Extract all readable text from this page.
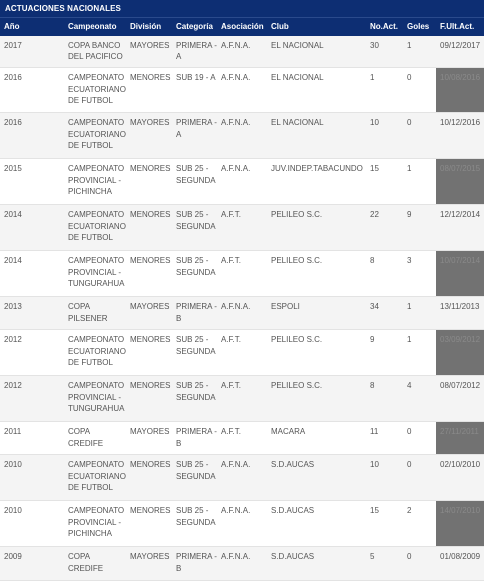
ACTUACIONES NACIONALES
Año	Campeonato	División	Categoría	Asociación	Club	No.Act.	Goles	F.Ult.Act.
2017	COPA BANCO DEL PACIFICO	MAYORES	PRIMERA - A	A.F.N.A.	EL NACIONAL	30	1	09/12/2017
2016	CAMPEONATO ECUATORIANO DE FUTBOL	MENORES	SUB 19 - A	A.F.N.A.	EL NACIONAL	1	0	10/08/2016
2016	CAMPEONATO ECUATORIANO DE FUTBOL	MAYORES	PRIMERA - A	A.F.N.A.	EL NACIONAL	10	0	10/12/2016
2015	CAMPEONATO PROVINCIAL - PICHINCHA	MENORES	SUB 25 - SEGUNDA	A.F.N.A.	JUV.INDEP.TABACUNDO	15	1	08/07/2015
2014	CAMPEONATO ECUATORIANO DE FUTBOL	MENORES	SUB 25 - SEGUNDA	A.F.T.	PELILEO S.C.	22	9	12/12/2014
2014	CAMPEONATO PROVINCIAL - TUNGURAHUA	MENORES	SUB 25 - SEGUNDA	A.F.T.	PELILEO S.C.	8	3	10/07/2014
2013	COPA PILSENER	MAYORES	PRIMERA - B	A.F.N.A.	ESPOLI	34	1	13/11/2013
2012	CAMPEONATO ECUATORIANO DE FUTBOL	MENORES	SUB 25 - SEGUNDA	A.F.T.	PELILEO S.C.	9	1	03/09/2012
2012	CAMPEONATO PROVINCIAL - TUNGURAHUA	MENORES	SUB 25 - SEGUNDA	A.F.T.	PELILEO S.C.	8	4	08/07/2012
2011	COPA CREDIFE	MAYORES	PRIMERA - B	A.F.T.	MACARA	11	0	27/11/2011
2010	CAMPEONATO ECUATORIANO DE FUTBOL	MENORES	SUB 25 - SEGUNDA	A.F.N.A.	S.D.AUCAS	10	0	02/10/2010
2010	CAMPEONATO PROVINCIAL - PICHINCHA	MENORES	SUB 25 - SEGUNDA	A.F.N.A.	S.D.AUCAS	15	2	14/07/2010
2009	COPA CREDIFE	MAYORES	PRIMERA - B	A.F.N.A.	S.D.AUCAS	5	0	01/08/2009
